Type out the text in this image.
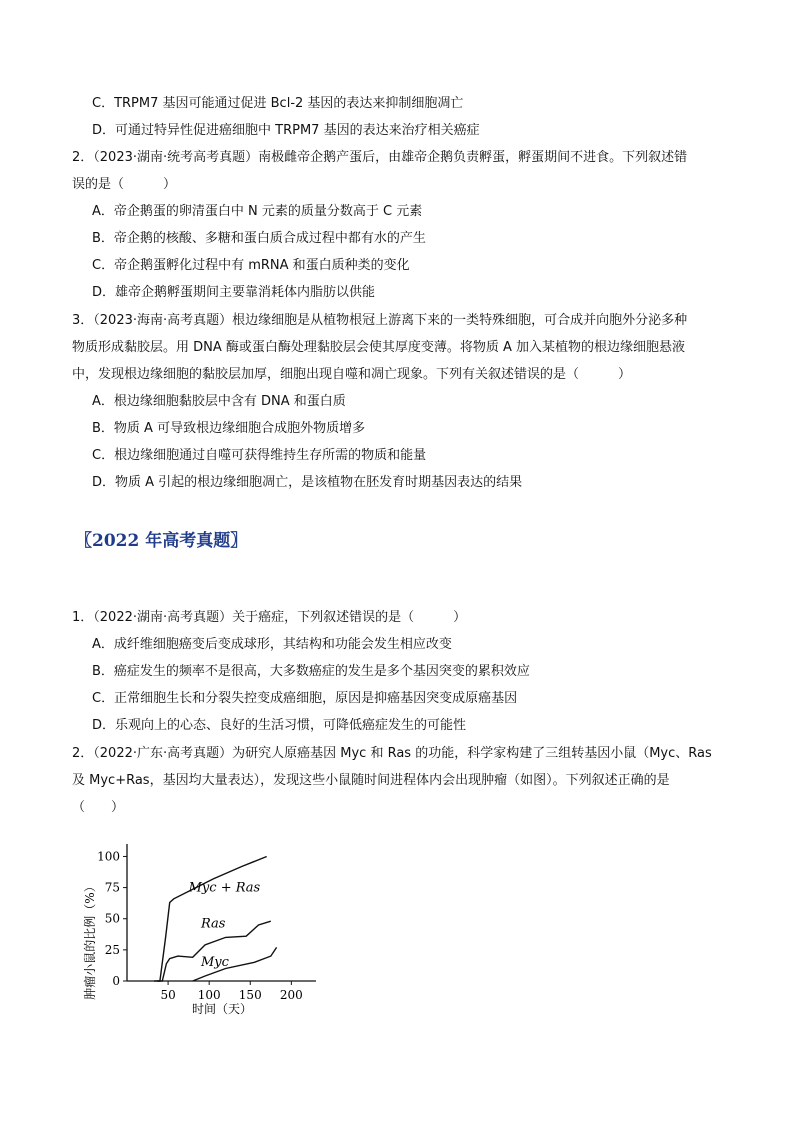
C．TRPM7 基因可能通过促进 Bcl-2 基因的表达来抑制细胞凋亡
D．可通过特异性促进癌细胞中 TRPM7 基因的表达来治疗相关癌症
2．（2023·湖南·统考高考真题）南极雌帝企鹅产蛋后，由雄帝企鹅负责孵蛋，孵蛋期间不进食。下列叙述错
误的是（　　　）
A．帝企鹅蛋的卵清蛋白中 N 元素的质量分数高于 C 元素
B．帝企鹅的核酸、多糖和蛋白质合成过程中都有水的产生
C．帝企鹅蛋孵化过程中有 mRNA 和蛋白质种类的变化
D．雄帝企鹅孵蛋期间主要靠消耗体内脂肪以供能
3．（2023·海南·高考真题）根边缘细胞是从植物根冠上游离下来的一类特殊细胞，可合成并向胞外分泌多种
物质形成黏胶层。用 DNA 酶或蛋白酶处理黏胶层会使其厚度变薄。将物质 A 加入某植物的根边缘细胞悬液
中，发现根边缘细胞的黏胶层加厚，细胞出现自噬和凋亡现象。下列有关叙述错误的是（　　　）
A．根边缘细胞黏胶层中含有 DNA 和蛋白质
B．物质 A 可导致根边缘细胞合成胞外物质增多
C．根边缘细胞通过自噬可获得维持生存所需的物质和能量
D．物质 A 引起的根边缘细胞凋亡，是该植物在胚发育时期基因表达的结果
〖2022 年高考真题〗
1．（2022·湖南·高考真题）关于癌症，下列叙述错误的是（　　　）
A．成纤维细胞癌变后变成球形，其结构和功能会发生相应改变
B．癌症发生的频率不是很高，大多数癌症的发生是多个基因突变的累积效应
C．正常细胞生长和分裂失控变成癌细胞，原因是抑癌基因突变成原癌基因
D．乐观向上的心态、良好的生活习惯，可降低癌症发生的可能性
2．（2022·广东·高考真题）为研究人原癌基因 Myc 和 Ras 的功能，科学家构建了三组转基因小鼠（Myc、Ras
及 Myc+Ras，基因均大量表达），发现这些小鼠随时间进程体内会出现肿瘤（如图）。下列叙述正确的是
（　　）
肿瘤小鼠的比例（%）
时间（天）
0
25
50
75
100
50 100 150 200
Myc + Ras
Ras
Myc
